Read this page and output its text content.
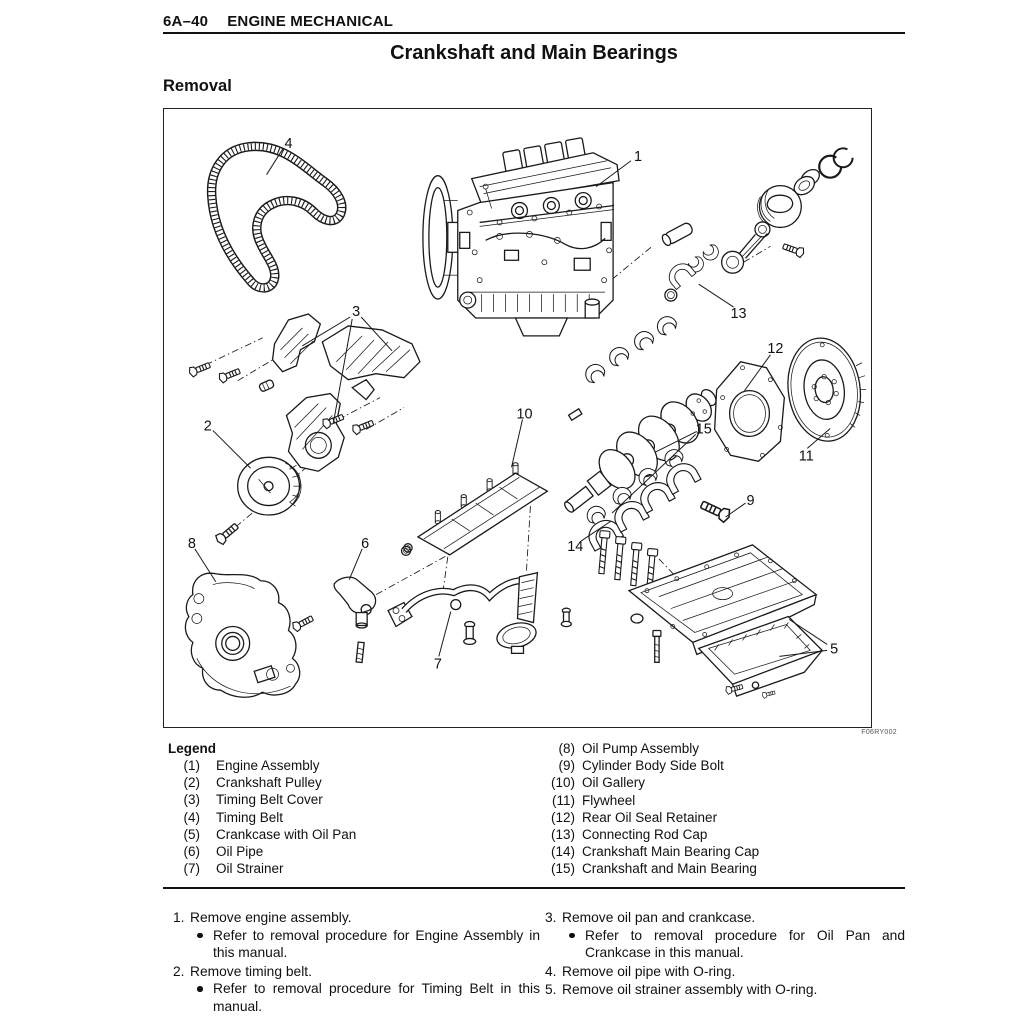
6A–40 ENGINE MECHANICAL
Crankshaft and Main Bearings
Removal
1
2
3
4
5
6
7
8
9
10
11
12
13
14
15
F06RY002
Legend
(1) Engine Assembly
(2) Crankshaft Pulley
(3) Timing Belt Cover
(4) Timing Belt
(5) Crankcase with Oil Pan
(6) Oil Pipe
(7) Oil Strainer
(8) Oil Pump Assembly
(9) Cylinder Body Side Bolt
(10) Oil Gallery
(11) Flywheel
(12) Rear Oil Seal Retainer
(13) Connecting Rod Cap
(14) Crankshaft Main Bearing Cap
(15) Crankshaft and Main Bearing
1. Remove engine assembly.
Refer to removal procedure for Engine Assembly in this manual.
2. Remove timing belt.
Refer to removal procedure for Timing Belt in this manual.
3. Remove oil pan and crankcase.
Refer to removal procedure for Oil Pan and Crankcase in this manual.
4. Remove oil pipe with O-ring.
5. Remove oil strainer assembly with O-ring.
